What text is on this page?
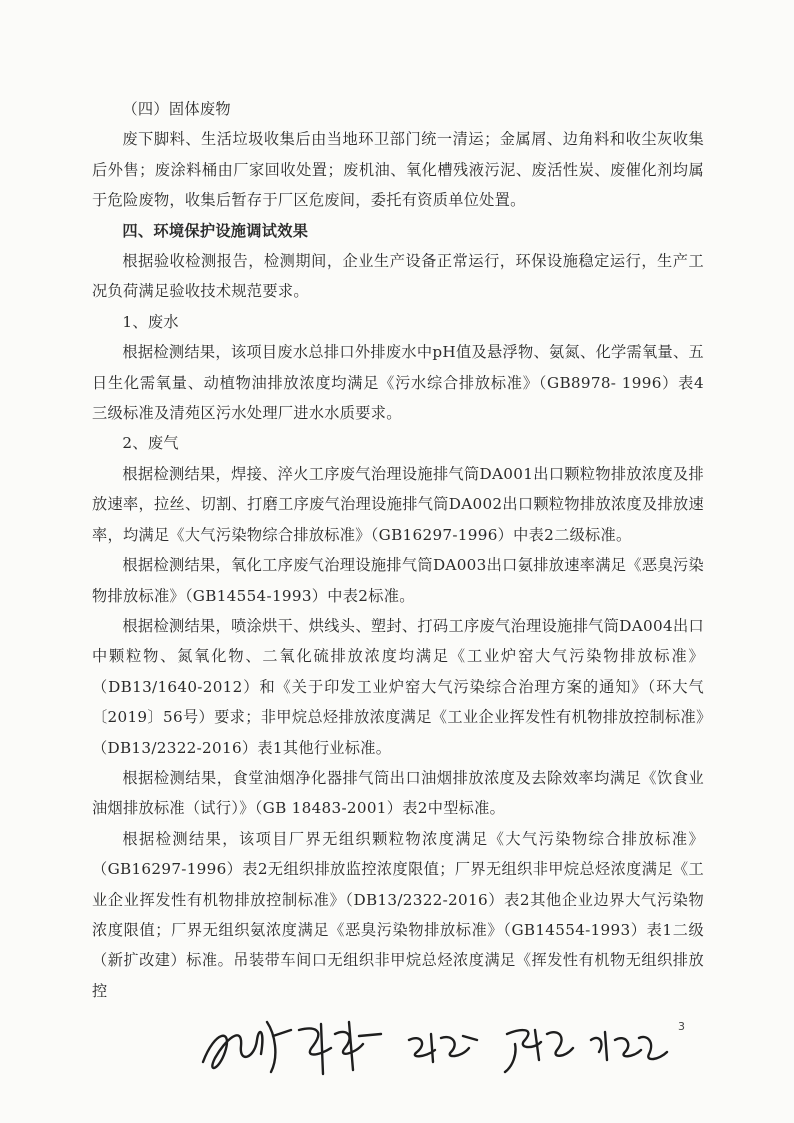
（四）固体废物

废下脚料、生活垃圾收集后由当地环卫部门统一清运；金属屑、边角料和收尘灰收集后外售；废涂料桶由厂家回收处置；废机油、氧化槽残液污泥、废活性炭、废催化剂均属于危险废物，收集后暂存于厂区危废间，委托有资质单位处置。

四、环境保护设施调试效果

根据验收检测报告，检测期间，企业生产设备正常运行，环保设施稳定运行，生产工况负荷满足验收技术规范要求。

1、废水

根据检测结果，该项目废水总排口外排废水中pH值及悬浮物、氨氮、化学需氧量、五日生化需氧量、动植物油排放浓度均满足《污水综合排放标准》（GB8978- 1996）表4三级标准及清苑区污水处理厂进水水质要求。

2、废气

根据检测结果，焊接、淬火工序废气治理设施排气筒DA001出口颗粒物排放浓度及排放速率，拉丝、切割、打磨工序废气治理设施排气筒DA002出口颗粒物排放浓度及排放速率，均满足《大气污染物综合排放标准》（GB16297-1996）中表2二级标准。

根据检测结果，氧化工序废气治理设施排气筒DA003出口氨排放速率满足《恶臭污染物排放标准》（GB14554-1993）中表2标准。

根据检测结果，喷涂烘干、烘线头、塑封、打码工序废气治理设施排气筒DA004出口中颗粒物、氮氧化物、二氧化硫排放浓度均满足《工业炉窑大气污染物排放标准》（DB13/1640-2012）和《关于印发工业炉窑大气污染综合治理方案的通知》（环大气〔2019〕56号）要求；非甲烷总烃排放浓度满足《工业企业挥发性有机物排放控制标准》（DB13/2322-2016）表1其他行业标准。

根据检测结果，食堂油烟净化器排气筒出口油烟排放浓度及去除效率均满足《饮食业油烟排放标准（试行）》（GB 18483-2001）表2中型标准。

根据检测结果，该项目厂界无组织颗粒物浓度满足《大气污染物综合排放标准》（GB16297-1996）表2无组织排放监控浓度限值；厂界无组织非甲烷总烃浓度满足《工业企业挥发性有机物排放控制标准》（DB13/2322-2016）表2其他企业边界大气污染物浓度限值；厂界无组织氨浓度满足《恶臭污染物排放标准》（GB14554-1993）表1二级（新扩改建）标准。吊装带车间口无组织非甲烷总烃浓度满足《挥发性有机物无组织排放控

3
